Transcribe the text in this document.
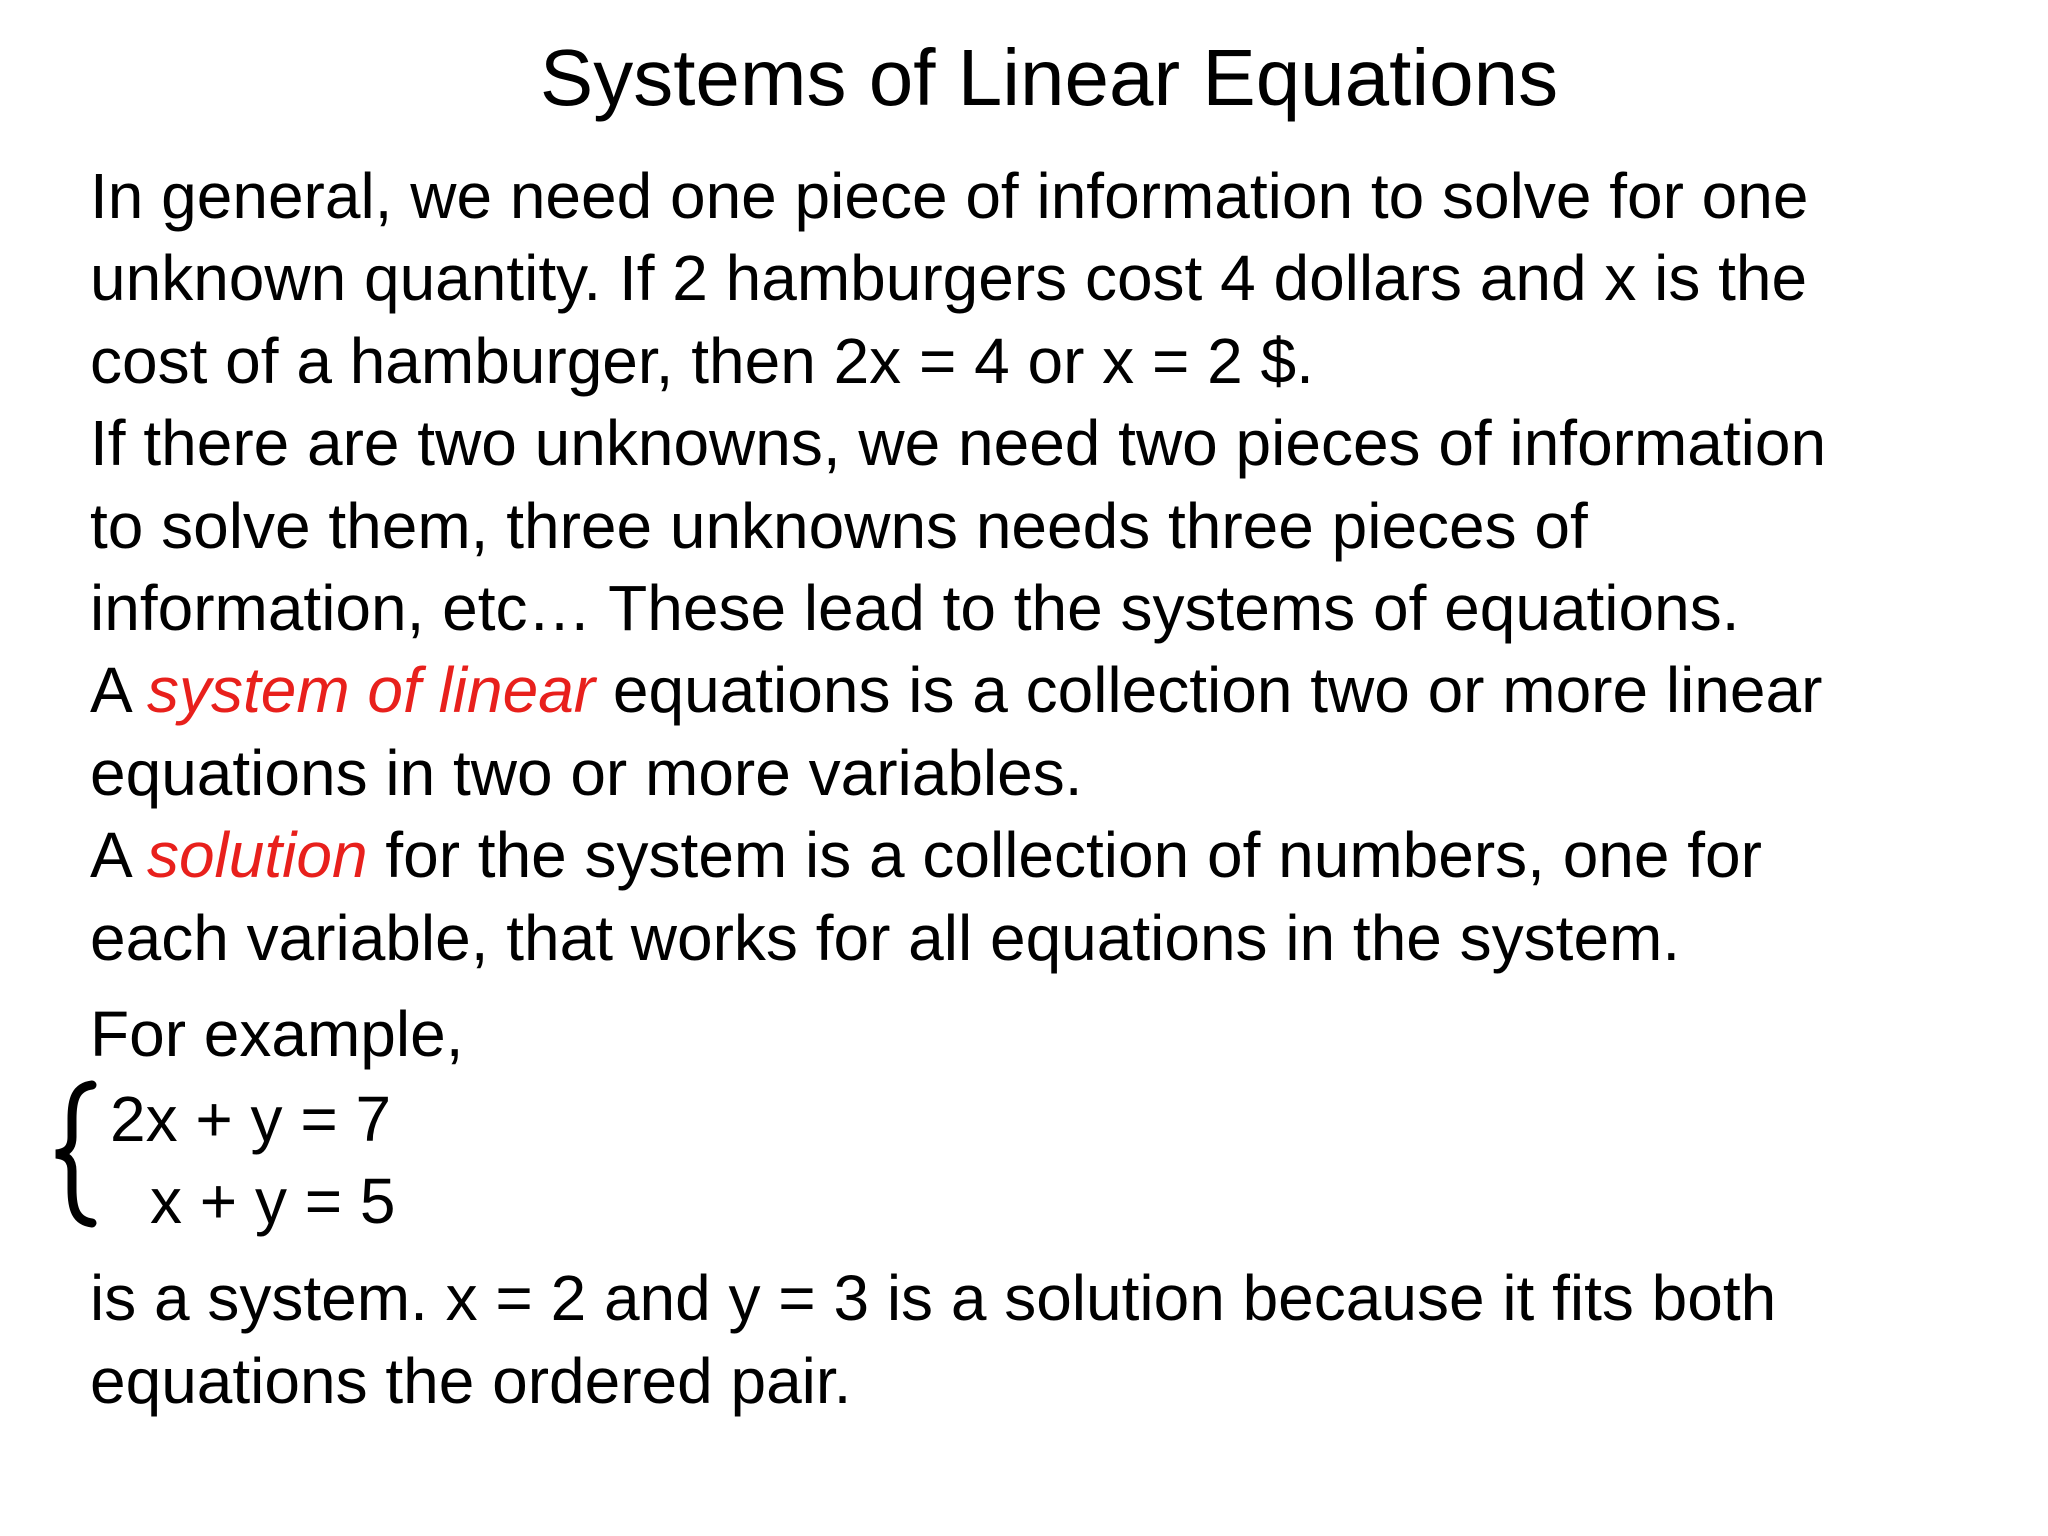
Systems of Linear Equations
In general, we need one piece of information to solve for one
unknown quantity. If 2 hamburgers cost 4 dollars and x is the
cost of a hamburger, then 2x = 4 or x = 2 $.
If there are two unknowns, we need two pieces of information
to solve them, three unknowns needs three pieces of
information, etc… These lead to the systems of equations.
A system of linear equations is a collection two or more linear
equations in two or more variables.
A solution for the system is a collection of numbers, one for
each variable, that works for all equations in the system.
For example,
2x + y = 7
x + y = 5
is a system. x = 2 and y = 3 is a solution because it fits both
equations the ordered pair.
